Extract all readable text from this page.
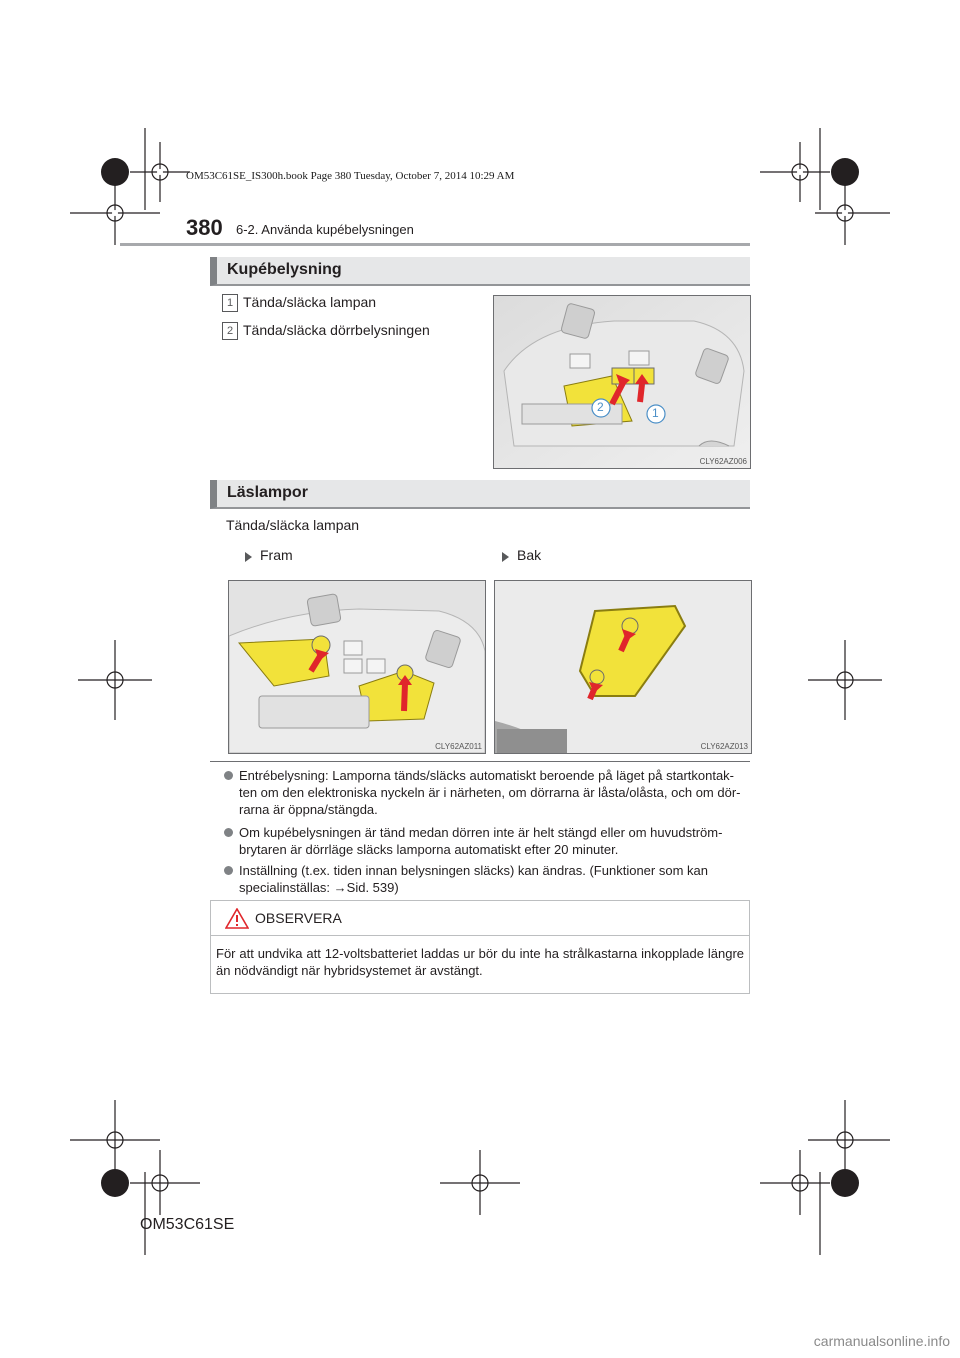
OM53C61SE_IS300h.book Page 380 Tuesday, October 7, 2014 10:29 AM
380 6-2. Använda kupébelysningen
Kupébelysning
1 Tända/släcka lampan
2 Tända/släcka dörrbelysningen
2	1
CLY62AZ006
Läslampor
Tända/släcka lampan
Fram	Bak
CLY62AZ011	CLY62AZ013
Entrébelysning: Lamporna tänds/släcks automatiskt beroende på läget på startkontak-ten om den elektroniska nyckeln är i närheten, om dörrarna är låsta/olåsta, och om dör-rarna är öppna/stängda.
Om kupébelysningen är tänd medan dörren inte är helt stängd eller om huvudström-brytaren är dörrläge släcks lamporna automatiskt efter 20 minuter.
Inställning (t.ex. tiden innan belysningen släcks) kan ändras. (Funktioner som kan specialinställas: →Sid. 539)
OBSERVERA
För att undvika att 12-voltsbatteriet laddas ur bör du inte ha strålkastarna inkopplade längre än nödvändigt när hybridsystemet är avstängt.
OM53C61SE
carmanualsonline.info
